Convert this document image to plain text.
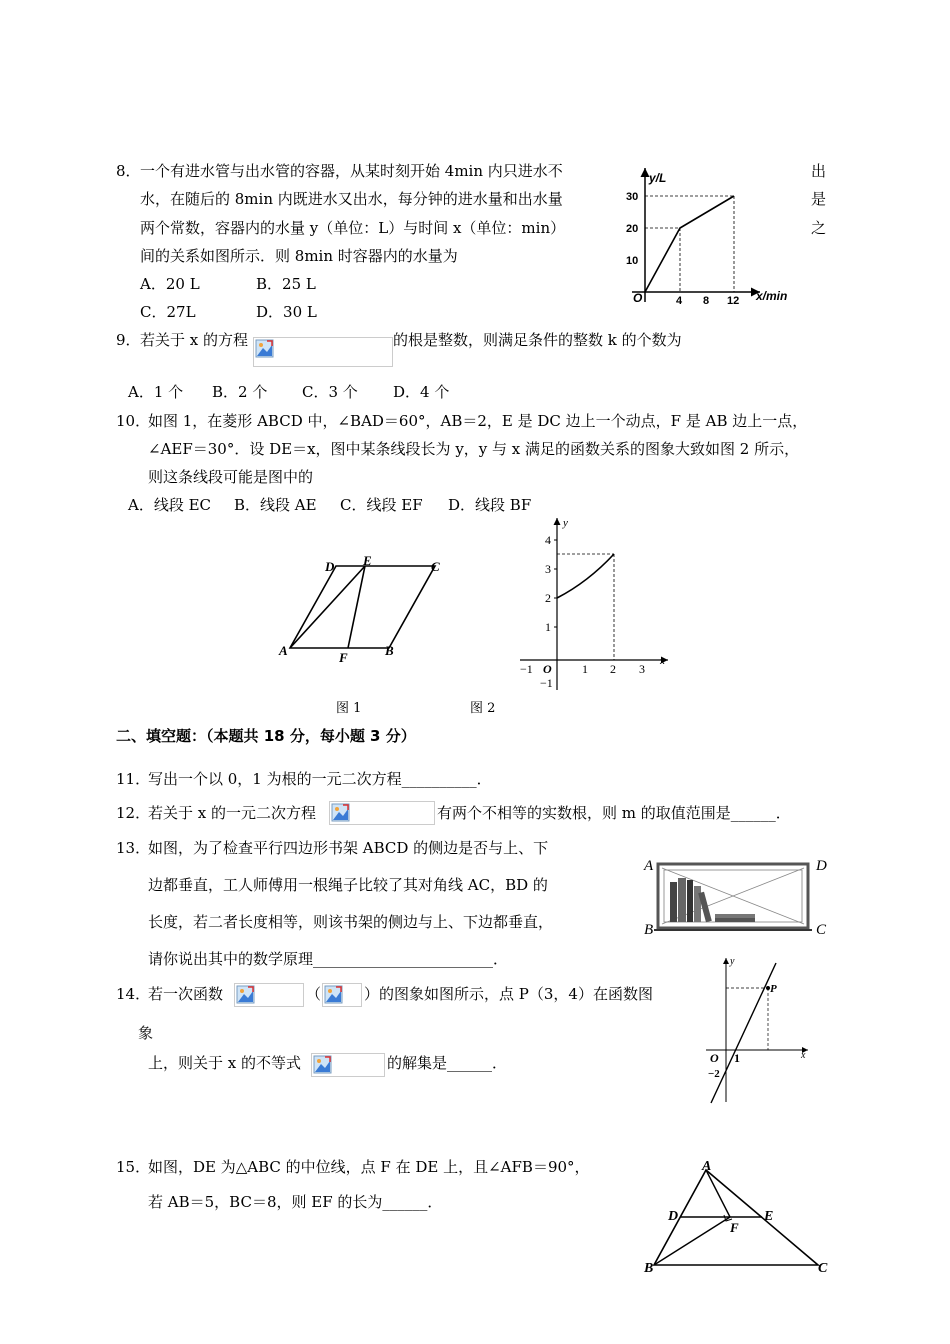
8． 一个有进水管与出水管的容器，从某时刻开始 4min 内只进水不	出
水，在随后的 8min 内既进水又出水，每分钟的进水量和出水量	是
两个常数，容器内的水量 y（单位：L）与时间 x（单位：min）	之
间的关系如图所示．则 8min 时容器内的水量为
A．20 L	B．25 L
C．27L	D．30 L
y/L
x/min
O
30
20
10
4 8 12
9． 若关于 x 的方程	的根是整数，则满足条件的整数 k 的个数为
A．1 个 B．2 个 C．3 个 D．4 个
10．
如图 1，在菱形 ABCD 中，∠BAD＝60°，AB＝2，E 是 DC 边上一个动点，F 是 AB 边上一点，
∠AEF＝30°．设 DE＝x，图中某条线段长为 y，y 与 x 满足的函数关系的图象大致如图 2 所示，
则这条线段可能是图中的
A．线段 EC B．线段 AE C．线段 EF D．线段 BF
D E	C
A	F	B
y
x
O
4
3
2
1
−1
−1	1 2 3
图 1	图 2
二、填空题：（本题共 18 分，每小题 3 分）
11．
写出一个以 0，1 为根的一元二次方程__________．
12．
若关于 x 的一元二次方程	有两个不相等的实数根，则 m 的取值范围是______．
13．
如图，为了检查平行四边形书架 ABCD 的侧边是否与上、下
边都垂直，工人师傅用一根绳子比较了其对角线 AC，BD 的
长度，若二者长度相等，则该书架的侧边与上、下边都垂直，
请你说出其中的数学原理________________________．
A	D
B	C
14．
若一次函数	（	）的图象如图所示，点 P（3，4）在函数图
象
上，则关于 x 的不等式	的解集是______．
y
x
O 1
−2
P
15．
如图，DE 为△ABC 的中位线，点 F 在 DE 上，且∠AFB＝90°，
若 AB＝5，BC＝8，则 EF 的长为______．
A
D	E
F
B	C
